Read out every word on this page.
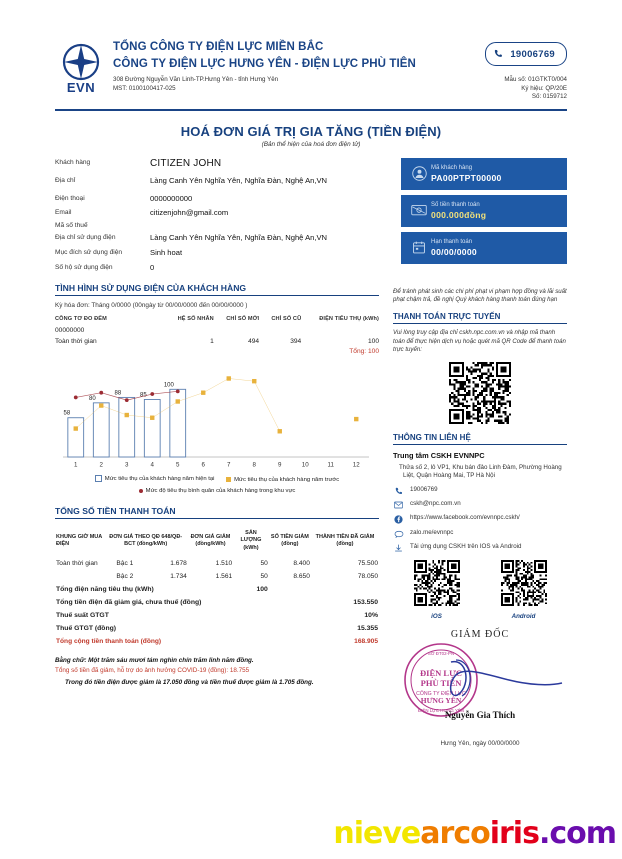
EVN
TỔNG CÔNG TY ĐIỆN LỰC MIỀN BẮC
CÔNG TY ĐIỆN LỰC HƯNG YÊN - ĐIỆN LỰC PHÙ TIÊN
308 Đường Nguyễn Văn Linh-TP.Hưng Yên - tỉnh Hưng Yên
MST: 0100100417-025
19006769
Mẫu số: 01GTKT0/004
Ký hiệu: QP/20E
Số: 0159712
HOÁ ĐƠN GIÁ TRỊ GIA TĂNG (TIỀN ĐIỆN)
(Bản thể hiện của hoá đơn điện tử)
Khách hàng	CITIZEN JOHN
Địa chỉ	Làng Canh Yên Nghĩa Yên, Nghĩa Đàn, Nghệ An,VN
Điện thoại	0000000000
Email	citizenjohn@gmail.com
Mã số thuế
Địa chỉ sử dụng điện	Làng Canh Yên Nghĩa Yên, Nghĩa Đàn, Nghệ An,VN
Mục đích sử dụng điện	Sinh hoat
Số hộ sử dụng điện	0
Mã khách hàng
PA00PTPT00000
Số tiền thanh toán
000.000đồng
Hạn thanh toán
00/00/0000
TÌNH HÌNH SỬ DỤNG ĐIỆN CỦA KHÁCH HÀNG
Kỳ hóa đơn: Tháng 0/0000 (00ngày từ 00/00/0000 đến 00/00/0000 )
CÔNG TƠ ĐO ĐẾM	HỆ SỐ NHÂN	CHỈ SỐ MỚI	CHỈ SỐ CŨ	ĐIỆN TIÊU THỤ (kWh)
00000000				
Toàn thời gian	1	494	394	100
Tổng: 100
58
80
88	85
100
1	2	3	4	5	6	7	8	9	10	11	12
Mức tiêu thụ của khách hàng năm hiện tại
	Mức tiêu thụ của khách hàng năm trước

Mức độ tiêu thụ bình quân của khách hàng trong khu vực
TỔNG SỐ TIỀN THANH TOÁN
KHUNG GIỜ MUA ĐIỆN	ĐƠN GIÁ THEO QĐ 648/QĐ-BCT (đồng/kWh)		ĐƠN GIÁ GIẢM (đồng/kWh)	SẢN LƯỢNG (kWh)	SỐ TIỀN GIẢM (đồng)	THÀNH TIỀN ĐÃ GIẢM (đồng)
Toàn thời gian	Bậc 1	1.678	1.510	50	8.400	75.500
	Bậc 2	1.734	1.561	50	8.650	78.050
Tổng điện năng tiêu thụ (kWh)				100		
Tổng tiền điện đã giảm giá, chưa thuế (đồng)						153.550
Thuế suất GTGT						10%
Thuế GTGT (đồng)						15.355
Tổng cộng tiền thanh toán (đồng)						168.905
Bằng chữ: Một trăm sáu mươi tám nghìn chín trăm linh năm đồng.
Tổng số tiền đã giảm, hỗ trợ do ảnh hưởng COVID-19 (đồng): 18.755
Trong đó tiền điện được giảm là 17.050 đồng và tiền thuế được giảm là 1.705 đồng.
Để tránh phát sinh các chi phí phạt vi phạm hợp đồng và lãi suất phạt chậm trả, đề nghị Quý khách hàng thanh toán đúng hạn
THANH TOÁN TRỰC TUYẾN
Vui lòng truy cập địa chỉ cskh.npc.com.vn và nhập mã thanh toán để thực hiện dịch vụ hoặc quét mã QR Code để thanh toán trực tuyến:
THÔNG TIN LIÊN HỆ
Trung tâm CSKH EVNNPC
Thửa số 2, lô VP1, Khu bán đảo Linh Đàm, Phường Hoàng Liệt, Quận Hoàng Mai, TP Hà Nội
19006769
cskh@npc.com.vn
https://www.facebook.com/evnnpc.cskh/
zalo.me/evnnpc
Tải ứng dụng CSKH trên IOS và Android
iOS	Android
GIÁM ĐỐC
ĐIỆN LỰC
PHÙ TIÊN
CÔNG TY ĐIỆN LỰC
HƯNG YÊN
SỞ ĐT02-PN
ĐIỆN LỰC HƯNG YÊN
Nguyễn Gia Thích
Hưng Yên, ngày 00/00/0000
nievearcoiris.com
